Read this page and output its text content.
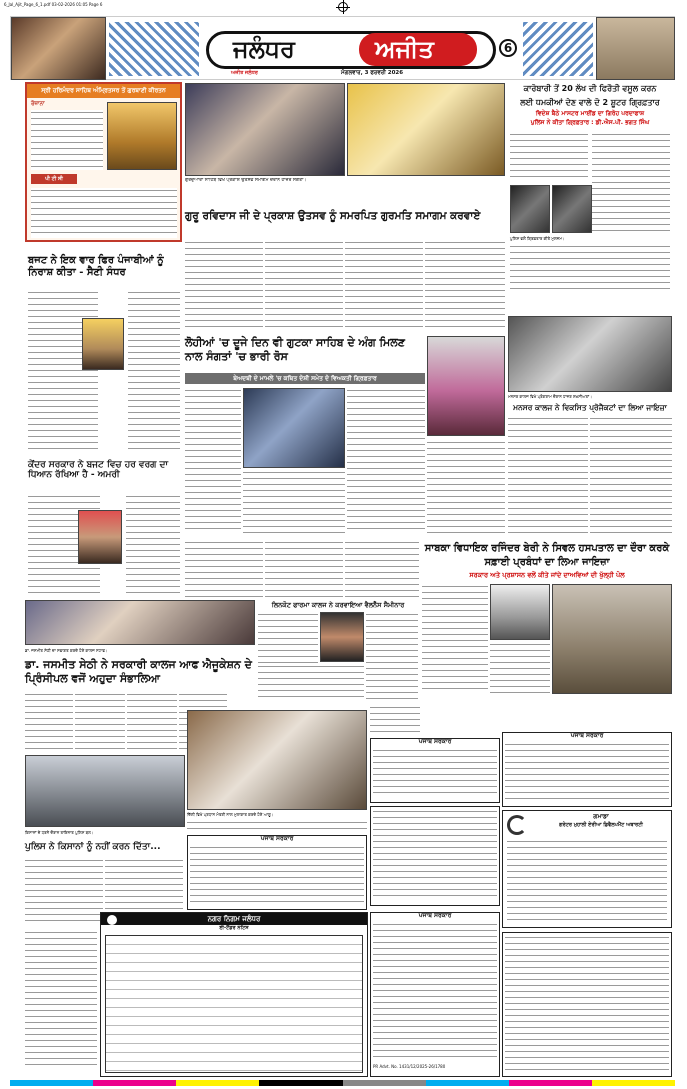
6_Jal_Ajit_Page_6_1.pdf 03-02-2026 01:05 Page 6
ਜਲੰਧਰ	ਅਜੀਤ
ਅਜੀਤ ਜਲੰਧਰ	ਮੰਗਲਵਾਰ, 3 ਫਰਵਰੀ 2026
6
ਸ੍ਰੀ ਹਰਿਮੰਦਰ ਸਾਹਿਬ ਅੰਮ੍ਰਿਤਸਰ ਤੋਂ ਗੁਰਬਾਣੀ ਕੀਰਤਨ
ਰੋਜ਼ਾਨਾ
ਪੀ ਟੀ ਸੀ	ਗੁਰਦੁਆਰਾ ਸਾਹਿਬ ਵਿਖੇ ਪ੍ਰਕਾਸ਼ ਉਤਸਵ ਸਮਾਗਮ ਦੌਰਾਨ ਹਾਜ਼ਰ ਸੰਗਤਾਂ।
ਗੁਰੂ ਰਵਿਦਾਸ ਜੀ ਦੇ ਪ੍ਰਕਾਸ਼ ਉਤਸਵ ਨੂੰ ਸਮਰਪਿਤ ਗੁਰਮਤਿ ਸਮਾਗਮ ਕਰਵਾਏ
ਕਾਰੋਬਾਰੀ ਤੋਂ 20 ਲੱਖ ਦੀ ਫਿਰੌਤੀ ਵਸੂਲ ਕਰਨ
ਲਈ ਧਮਕੀਆਂ ਦੇਣ ਵਾਲੇ ਦੋ 2 ਸ਼ੂਟਰ ਗ੍ਰਿਫ਼ਤਾਰ
ਵਿਦੇਸ਼ ਬੈਠੇ ਮਾਸਟਰ ਮਾਈਂਡ ਦਾ ਗਿਰੋਹ ਪਰਦਾਫਾਸ਼
ਪੁਲਿਸ ਨੇ ਕੀਤਾ ਗ੍ਰਿਫ਼ਤਾਰ : ਡੀ.ਐਸ.ਪੀ. ਭਗਤ ਸਿੰਘ
ਪੁਲਿਸ ਵਲੋਂ ਗ੍ਰਿਫ਼ਤਾਰ ਕੀਤੇ ਮੁਲਜ਼ਮ।
ਬਜਟ ਨੇ ਇਕ ਵਾਰ ਫਿਰ ਪੰਜਾਬੀਆਂ ਨੂੰ ਨਿਰਾਸ਼ ਕੀਤਾ - ਸੈਣੀ ਸੰਧਰ
ਕੇਂਦਰ ਸਰਕਾਰ ਨੇ ਬਜਟ ਵਿਚ ਹਰ ਵਰਗ ਦਾ ਧਿਆਨ ਰੱਖਿਆ ਹੈ - ਅਮਰੀ
ਲੋਹੀਆਂ 'ਚ ਦੂਜੇ ਦਿਨ ਵੀ ਗੁਟਕਾ ਸਾਹਿਬ ਦੇ ਅੰਗ ਮਿਲਣ ਨਾਲ ਸੰਗਤਾਂ 'ਚ ਭਾਰੀ ਰੋਸ
ਬੇਅਦਬੀ ਦੇ ਮਾਮਲੇ 'ਚ ਕਥਿਤ ਦੋਸ਼ੀ ਸਮੇਤ ਦੋ ਵਿਅਕਤੀ ਗ੍ਰਿਫ਼ਤਾਰ
ਮਨਸਰ ਕਾਲਜ ਵਿਖੇ ਪ੍ਰੋਗਰਾਮ ਦੌਰਾਨ ਹਾਜ਼ਰ ਸ਼ਖ਼ਸੀਅਤਾਂ।
ਮਨਸਰ ਕਾਲਜ ਨੇ ਵਿਕਸਿਤ ਪ੍ਰੋਜੈਕਟਾਂ ਦਾ ਲਿਆ ਜਾਇਜ਼ਾ
ਸਾਬਕਾ ਵਿਧਾਇਕ ਰਜਿੰਦਰ ਬੇਰੀ ਨੇ ਸਿਵਲ ਹਸਪਤਾਲ ਦਾ ਦੌਰਾ ਕਰਕੇ ਸਫ਼ਾਈ ਪ੍ਰਬੰਧਾਂ ਦਾ ਲਿਆ ਜਾਇਜ਼ਾ
ਸਰਕਾਰ ਅਤੇ ਪ੍ਰਸ਼ਾਸਨ ਵਲੋਂ ਕੀਤੇ ਜਾਂਦੇ ਦਾਅਵਿਆਂ ਦੀ ਖੁੱਲ੍ਹੀ ਪੋਲ
ਡਾ. ਜਸਮੀਤ ਸੇਠੀ ਦਾ ਸਵਾਗਤ ਕਰਦੇ ਹੋਏ ਕਾਲਜ ਸਟਾਫ।
ਡਾ. ਜਸਮੀਤ ਸੇਠੀ ਨੇ ਸਰਕਾਰੀ ਕਾਲਜ ਆਫ ਐਜੂਕੇਸ਼ਨ ਦੇ ਪ੍ਰਿੰਸੀਪਲ ਵਜੋਂ ਅਹੁਦਾ ਸੰਭਾਲਿਆ
ਲਿਨਕੋਟ ਫਾਰਮਾ ਕਾਲਜ ਨੇ ਕਰਵਾਇਆ ਵੈਲਨੈੱਸ ਸੈਮੀਨਾਰ
ਕਿਸਾਨਾਂ ਦੇ ਧਰਨੇ ਦੌਰਾਨ ਤਾਇਨਾਤ ਪੁਲਿਸ ਬਲ।
ਪੁਲਿਸ ਨੇ ਕਿਸਾਨਾਂ ਨੂੰ ਨਹੀਂ ਕਰਨ ਦਿੱਤਾ...
ਦਿੱਲੀ ਵਿਖੇ ਪ੍ਰਧਾਨ ਮੰਤਰੀ ਨਾਲ ਮੁਲਾਕਾਤ ਕਰਦੇ ਹੋਏ ਆਗੂ।
ਪੰਜਾਬ ਸਰਕਾਰ
ਪੰਜਾਬ ਸਰਕਾਰ
ਪੰਜਾਬ ਸਰਕਾਰ
ਗਮਾਡਾ
ਗਰੇਟਰ ਮੁਹਾਲੀ ਏਰੀਆ ਡਿਵੈਲਪਮੈਂਟ ਅਥਾਰਟੀ
ਨਗਰ ਨਿਗਮ ਜਲੰਧਰ
ਈ-ਟੈਂਡਰ ਨੋਟਿਸ
ਪੰਜਾਬ ਸਰਕਾਰ
PR Advt. No. 1431/12/2025-26/1780
